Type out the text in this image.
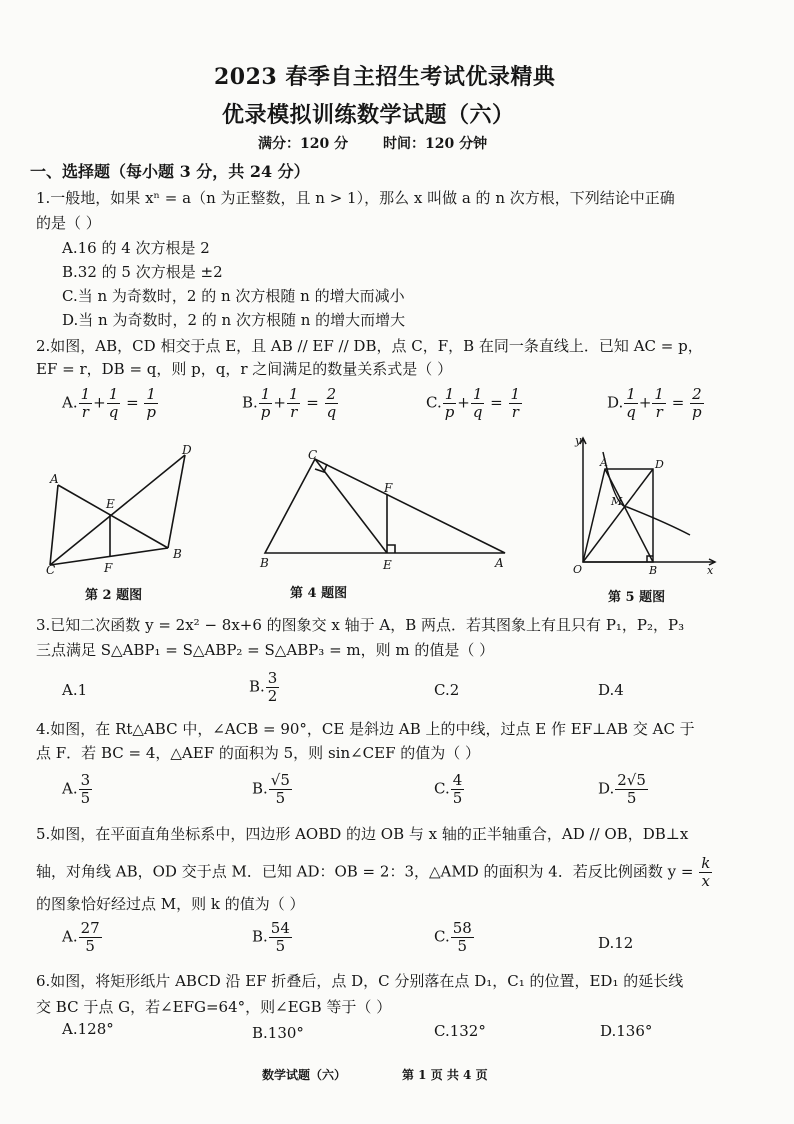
2023 春季自主招生考试优录精典
优录模拟训练数学试题（六）
满分：120 分 时间：120 分钟
一、选择题（每小题 3 分，共 24 分）
1.一般地，如果 xⁿ = a（n 为正整数，且 n > 1），那么 x 叫做 a 的 n 次方根，下列结论中正确
的是（ ）
A.16 的 4 次方根是 2
B.32 的 5 次方根是 ±2
C.当 n 为奇数时，2 的 n 次方根随 n 的增大而减小
D.当 n 为奇数时，2 的 n 次方根随 n 的增大而增大
2.如图，AB，CD 相交于点 E，且 AB // EF // DB，点 C，F，B 在同一条直线上．已知 AC = p，
EF = r，DB = q，则 p，q，r 之间满足的数量关系式是（ ）
A. $\frac{1}{r} + \frac{1}{q} = \frac{1}{p}$	B. $\frac{1}{p} + \frac{1}{r} = \frac{2}{q}$	C. $\frac{1}{p} + \frac{1}{q} = \frac{1}{r}$	D. $\frac{1}{q} + \frac{1}{r} = \frac{2}{p}$
A
D
E
F
C
B
第 2 题图
C
F
B	E	A
第 4 题图
y
A	D
M
O	B	x
第 5 题图
3.已知二次函数 y = 2x² − 8x+6 的图象交 x 轴于 A，B 两点．若其图象上有且只有 P₁，P₂，P₃
三点满足 S△ABP₁ = S△ABP₂ = S△ABP₃ = m，则 m 的值是（ ）
A.1	B. $\frac{3}{2}$	C.2	D.4
4.如图，在 Rt△ABC 中，∠ACB = 90°，CE 是斜边 AB 上的中线，过点 E 作 EF⊥AB 交 AC 于
点 F．若 BC = 4，△AEF 的面积为 5，则 sin∠CEF 的值为（ ）
A. $\frac{3}{5}$	B. $\frac{√5}{5}$	C. $\frac{4}{5}$	D. $\frac{2√5}{5}$
5.如图，在平面直角坐标系中，四边形 AOBD 的边 OB 与 x 轴的正半轴重合，AD // OB，DB⊥x
轴，对角线 AB，OD 交于点 M．已知 AD：OB = 2：3，△AMD 的面积为 4．若反比例函数 $y = \frac{k}{x}$
的图象恰好经过点 M，则 k 的值为（ ）
A. $\frac{27}{5}$	B. $\frac{54}{5}$	C. $\frac{58}{5}$	D.12
6.如图，将矩形纸片 ABCD 沿 EF 折叠后，点 D，C 分别落在点 D₁，C₁ 的位置，ED₁ 的延长线
交 BC 于点 G，若∠EFG=64°，则∠EGB 等于（ ）
A.128°	B.130°	C.132°	D.136°
数学试题（六）	第 1 页 共 4 页
